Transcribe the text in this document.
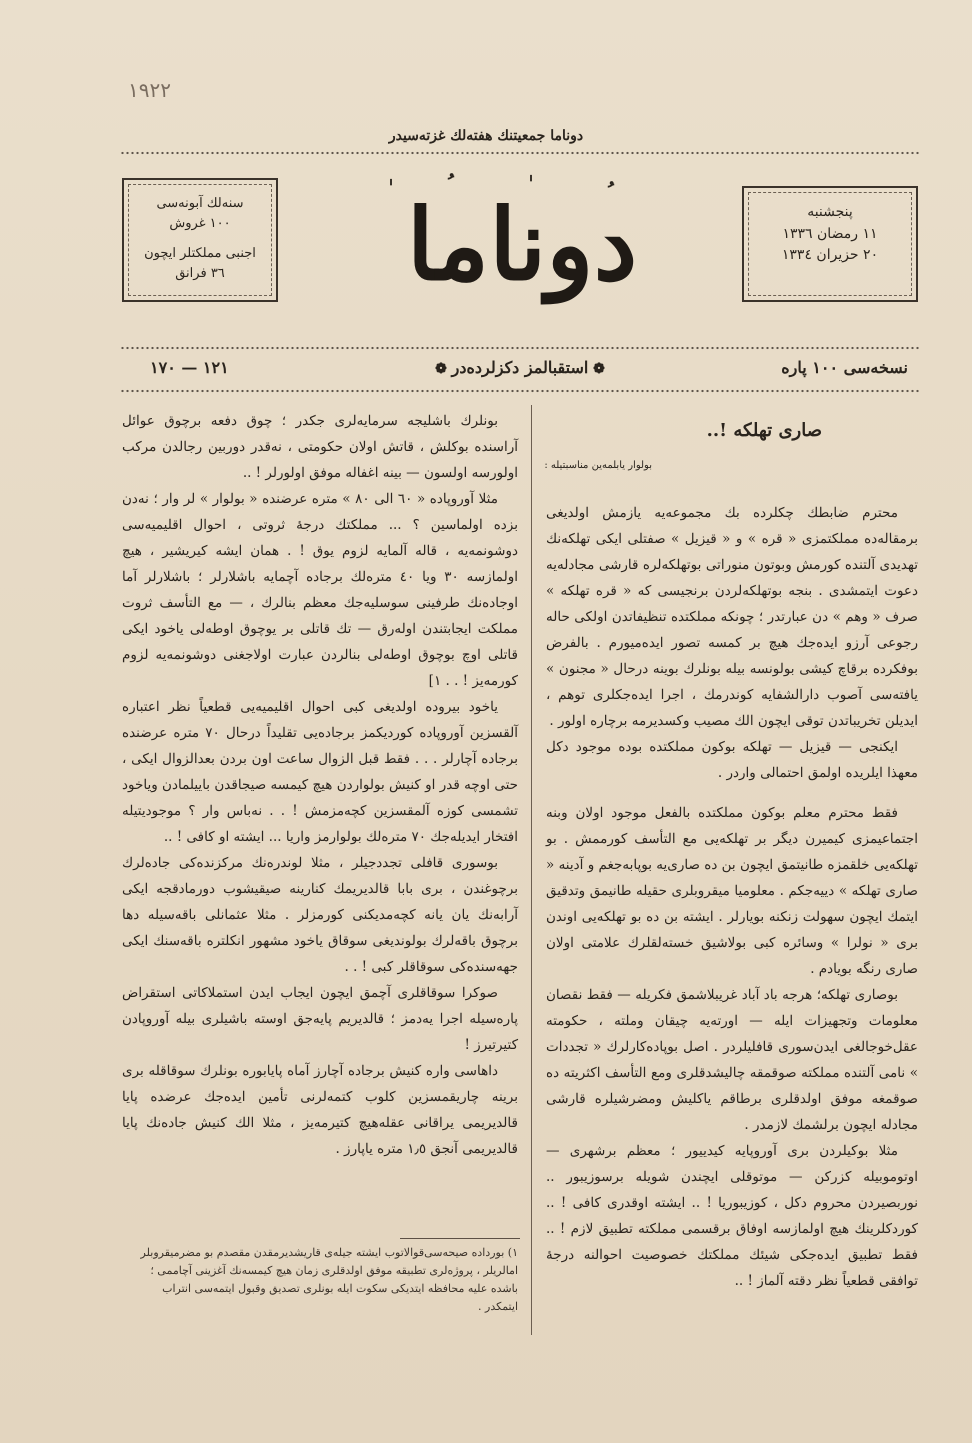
١٩٢٢
دوناما جمعیتنك هفته‌لك غزته‌سیدر
سنه‌لك آبونه‌سی
١٠٠ غروش
اجنبی مملكتلر ایچون
٣٦ فرانق	دوناما	پنجشنبه
١١ رمضان ١٣٣٦
٢٠ حزیران ١٣٣٤
نسخه‌سی ١٠٠ پاره
❁ استقبالمز دكزلرده‌در ❁
١٢١ — ١٧٠
صاری تهلكه !..
بولوار يابلمه‌ين مناسبتيله :

محترم ضابطك چكلرده بك مجموعه‌یه یازمش اولدیغی برمقاله‌ده مملكتمزی « قره » و « قیزیل » صفتلی ایكی تهلكه‌نك تهدیدی آلتنده كورمش وبوتون منوراتی بوتهلكه‌لره قارشی مجادله‌یه دعوت ایتمشدی . بنجه بوتهلكه‌لردن برنجیسی كه « قره تهلكه » صرف « وهم » دن عبارتدر ؛ چونكه مملكتده تنظیفاتدن اولكی حاله رجوعی آرزو ایده‌جك هیچ بر كمسه تصور ایده‌میورم . بالفرض بوفكرده برقاچ كیشی بولونسه بیله بونلرك بوینه درحال « مجنون » یافته‌سی آصوب دارالشفایه كوندرمك ، اجرا ایده‌جكلری توهم ، ایدیلن تخریباتدن توقی ایچون الك مصیب وكسدیرمه برچاره اولور .

ایكنجی — قیزیل — تهلكه بوكون مملكتده بوده موجود دكل معهذا ایلریده اولمق احتمالی واردر .

فقط محترم معلم بوكون مملكتده بالفعل موجود اولان وبنه اجتماعیمزی كیمیرن دیگر بر تهلكه‌یی مع التأسف كورممش . بو تهلكه‌یی خلقمزه طانیتمق ایچون بن ده صاری‌یه بوپابه‌جغم و آدینه « صاری تهلكه » دییه‌جكم . معلومیا میقروبلری حقیله طانیمق وتدقیق ایتمك ایچون سهولت زنكنه بویارلر . ایشته بن ده بو تهلكه‌یی اوندن بری « نولرا » وسائره كبی بولاشیق خسته‌لقلرك علامتی اولان صاری رنگه بویادم .

بوصاری تهلكه؛ هرجه باد آباد غریبلاشمق فكریله — فقط نقصان معلومات وتجهیزات ایله — اورته‌یه چیقان وملته ، حكومته عقل‌خوجالغی ایدن‌سوری قافلیلردر . اصل بوپاده‌كارلرك « تجددات » نامی آلتنده مملكته صوقمقه چالیشدقلری ومع التأسف اكثریته ده صوقمغه موفق اولدقلری برطاقم یاكلیش ومضرشیلره قارشی مجادله ایچون برلشمك لازمدر .

مثلا بوكیلردن بری آوروپایه كیدییور ؛ معظم برشهری — اوتوموبیله كزركن — موتوقلی ایچندن شویله برسوزیبور .. نوربصیردن محروم دكل ، كوزیبوریا ! .. ایشته اوقدری كافی ! .. كوردكلرینك هیچ اولمازسه اوفاق برقسمی مملكته تطبیق لازم ! .. فقط تطبیق ایده‌جكی شیئك مملكتك خصوصیت احوالنه درجهٔ توافقی قطعیاً نظر دقته آلماز ! ..

بونلرك باشلیجه سرمایه‌لری جكدر ؛ چوق دفعه برچوق عوائل آراسنده بوكلش ، قاتش اولان حكومتی ، نه‌قدر دوربین رجالدن مركب اولورسه اولسون — بینه اغفاله موفق اولورلر ! ..

مثلا آوروپاده « ٦٠ الی ٨٠ » متره عرضنده « بولوار » لر وار ؛ نه‌دن بزده اولماسین ؟ ... مملكتك درجهٔ ثروتی ، احوال اقلیمیه‌سی دوشونمه‌یه ، قاله آلمایه لزوم یوق ! . همان ایشه كیریشیر ، هیچ اولمازسه ٣٠ ویا ٤٠ متره‌لك برجاده آچمایه باشلارلر ؛ باشلارلر آما اوجاده‌نك طرفینی سوسلیه‌جك معظم بنالرك ، — مع التأسف ثروت مملكت ایجابتندن اوله‌رق — تك قاتلی بر یوچوق اوطه‌لی یاخود ایكی قاتلی اوچ بوچوق اوطه‌لی بنالردن عبارت اولاجغنی دوشونمه‌یه لزوم كورمه‌یز ! . . ١]

یاخود بیروده اولدیغی كبی احوال اقلیمیه‌یی قطعیاً نظر اعتباره آلقسزین آوروپاده كوردیكمز برجاده‌یی تقلیداً درحال ٧٠ متره عرضنده برجاده آچارلر . . . فقط قبل الزوال ساعت اون بردن بعدالزوال ایكی ، حتی اوچه قدر او كنیش بولواردن هیچ كیمسه صیجاقدن باییلمادن ویاخود تشمسی كوزه آلمقسزین كچه‌مزمش ! . . نه‌باس وار ؟ موجودیتیله افتخار ایدیله‌جك ٧٠ متره‌لك بولوارمز واریا ... ایشته او كافی ! ..

بوسوری قافلی تجددجیلر ، مثلا لوندره‌نك مركزنده‌كی جاده‌لرك برچوغندن ، بری بابا قالدیریمك كنارینه صیقیشوب دورمادقجه ایكی آرابه‌نك یان یانه كچه‌مدیكنی كورمزلر . مثلا عثمانلی باقه‌سیله دها برچوق باقه‌لرك بولوندیغی سوقاق یاخود مشهور انكلتره باقه‌سنك ایكی جهه‌سنده‌كی سوقاقلر كبی ! . .

صوكرا سوقاقلری آچمق ایچون ایجاب ایدن استملاكاتی استقراض پاره‌سیله اجرا یه‌دمز ؛ قالدیریم پایه‌جق اوسته باشیلری بیله آوروپادن كتیرتیرز !

داهاسی واره كنیش برجاده آچارز آماه پایابوره بونلرك سوقاقله بری برینه چاریقمسزین كلوب كتمه‌لرنی تأمین ایده‌جك عرضده پایا قالدیریمی یراقانی عقله‌هیچ كتیرمه‌یز ، مثلا الك كنیش جاده‌نك پایا قالدیریمی آنجق ١٫٥ متره یاپارز .

١) بورداده صیحه‌سی‌قوالاتوب ایشته جیله‌ی قاریشدیرمقدن مقصدم بو مضرمیقروبلر امالریلر ، پروژه‌لری تطبیقه موفق اولدقلری زمان هیچ كیمسه‌نك آغزینی آچاممی ؛ باشده علیه محافظه ایتدیكی سكوت ایله بونلری تصدیق وقبول ایتمه‌سی انتراب ایتمكدر .
